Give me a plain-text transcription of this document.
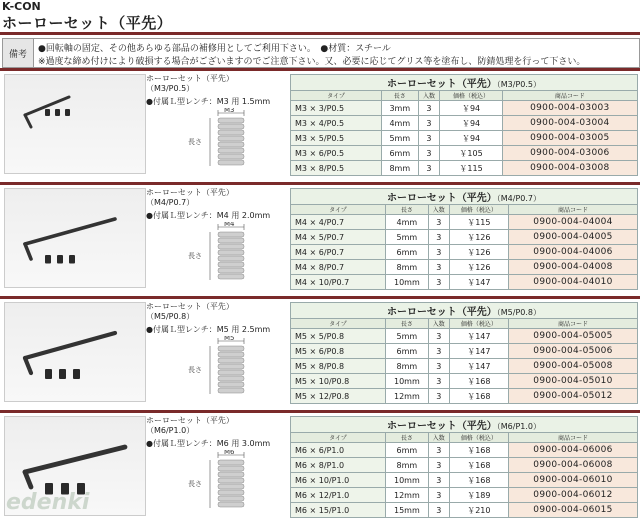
K-CON
ホーローセット（平先）
備考
●回転軸の固定、その他あらゆる部品の補修用としてご利用下さい。　●材質：スチール
※過度な締め付けにより破損する場合がございますのでご注意下さい。又、必要に応じてグリス等を塗布し、防錆処理を行って下さい。
ホーローセット（平先）
（M3/P0.5）
●付属Ｌ型レンチ：M3 用 1.5mm
M3
長さ
ホーローセット（平先）（M3/P0.5）				
タイプ	長さ	入数	価格（税込）	商品コード
M3 × 3/P0.5	3mm	3	￥94	0900-004-03003
M3 × 4/P0.5	4mm	3	￥94	0900-004-03004
M3 × 5/P0.5	5mm	3	￥94	0900-004-03005
M3 × 6/P0.5	6mm	3	￥105	0900-004-03006
M3 × 8/P0.5	8mm	3	￥115	0900-004-03008
ホーローセット（平先）
（M4/P0.7）
●付属Ｌ型レンチ：M4 用 2.0mm
M4
長さ
ホーローセット（平先）（M4/P0.7）				
タイプ	長さ	入数	価格（税込）	商品コード
M4 × 4/P0.7	4mm	3	￥115	0900-004-04004
M4 × 5/P0.7	5mm	3	￥126	0900-004-04005
M4 × 6/P0.7	6mm	3	￥126	0900-004-04006
M4 × 8/P0.7	8mm	3	￥126	0900-004-04008
M4 × 10/P0.7	10mm	3	￥147	0900-004-04010
ホーローセット（平先）
（M5/P0.8）
●付属Ｌ型レンチ：M5 用 2.5mm
M5
長さ
ホーローセット（平先）（M5/P0.8）				
タイプ	長さ	入数	価格（税込）	商品コード
M5 × 5/P0.8	5mm	3	￥147	0900-004-05005
M5 × 6/P0.8	6mm	3	￥147	0900-004-05006
M5 × 8/P0.8	8mm	3	￥147	0900-004-05008
M5 × 10/P0.8	10mm	3	￥168	0900-004-05010
M5 × 12/P0.8	12mm	3	￥168	0900-004-05012
ホーローセット（平先）
（M6/P1.0）
●付属Ｌ型レンチ：M6 用 3.0mm
M6
長さ
ホーローセット（平先）（M6/P1.0）				
タイプ	長さ	入数	価格（税込）	商品コード
M6 × 6/P1.0	6mm	3	￥168	0900-004-06006
M6 × 8/P1.0	8mm	3	￥168	0900-004-06008
M6 × 10/P1.0	10mm	3	￥168	0900-004-06010
M6 × 12/P1.0	12mm	3	￥189	0900-004-06012
M6 × 15/P1.0	15mm	3	￥210	0900-004-06015
edenki
